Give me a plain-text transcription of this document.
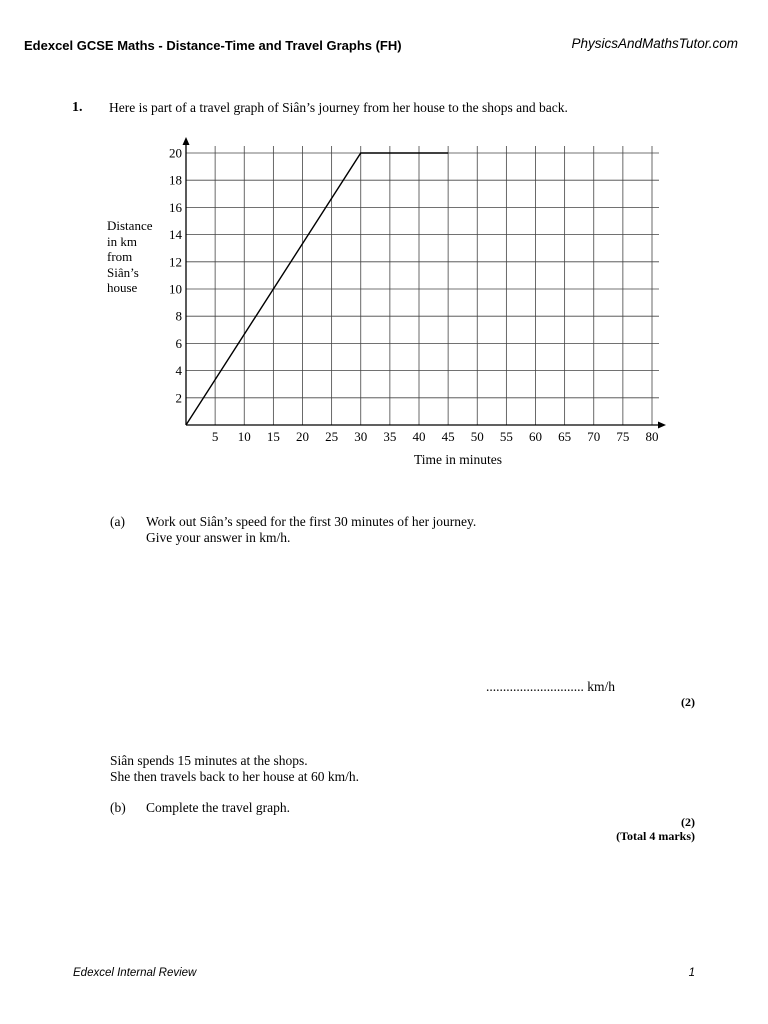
Edexcel GCSE Maths - Distance-Time and Travel Graphs (FH)	PhysicsAndMathsTutor.com
1. Here is part of a travel graph of Siân’s journey from her house to the shops and back.
Distance
in km
from
Siân’s
house
5 10 15 20 25 30 35 40 45 50 55 60 65 70 75 80
2
4
6
8
10
12
14
16
18
20
Time in minutes
(a) Work out Siân’s speed for the first 30 minutes of her journey.
Give your answer in km/h.
............................. km/h
(2)
Siân spends 15 minutes at the shops.
She then travels back to her house at 60 km/h.
(b) Complete the travel graph.
(2)
(Total 4 marks)
Edexcel Internal Review	1
